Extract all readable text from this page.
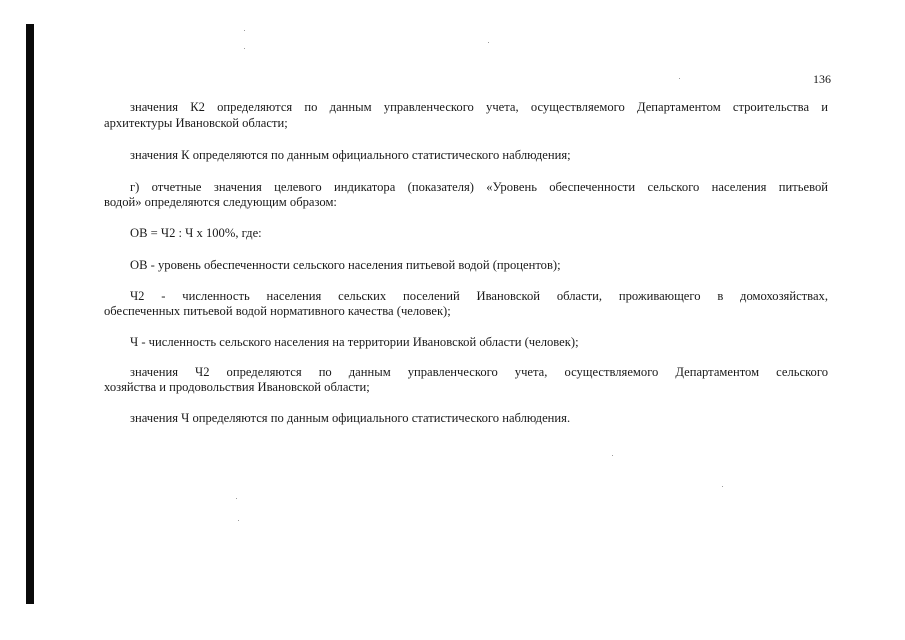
136
значения К2 определяются по данным управленческого учета, осуществляемого Департаментом строительства и
архитектуры Ивановской области;
значения К определяются по данным официального статистического наблюдения;
г) отчетные значения целевого индикатора (показателя) «Уровень обеспеченности сельского населения питьевой
водой» определяются следующим образом:
ОВ = Ч2 : Ч х 100%, где:
ОВ - уровень обеспеченности сельского населения питьевой водой (процентов);
Ч2 - численность населения сельских поселений Ивановской области, проживающего в домохозяйствах,
обеспеченных питьевой водой нормативного качества (человек);
Ч - численность сельского населения на территории Ивановской области (человек);
значения Ч2 определяются по данным управленческого учета, осуществляемого Департаментом сельского
хозяйства и продовольствия Ивановской области;
значения Ч определяются по данным официального статистического наблюдения.
